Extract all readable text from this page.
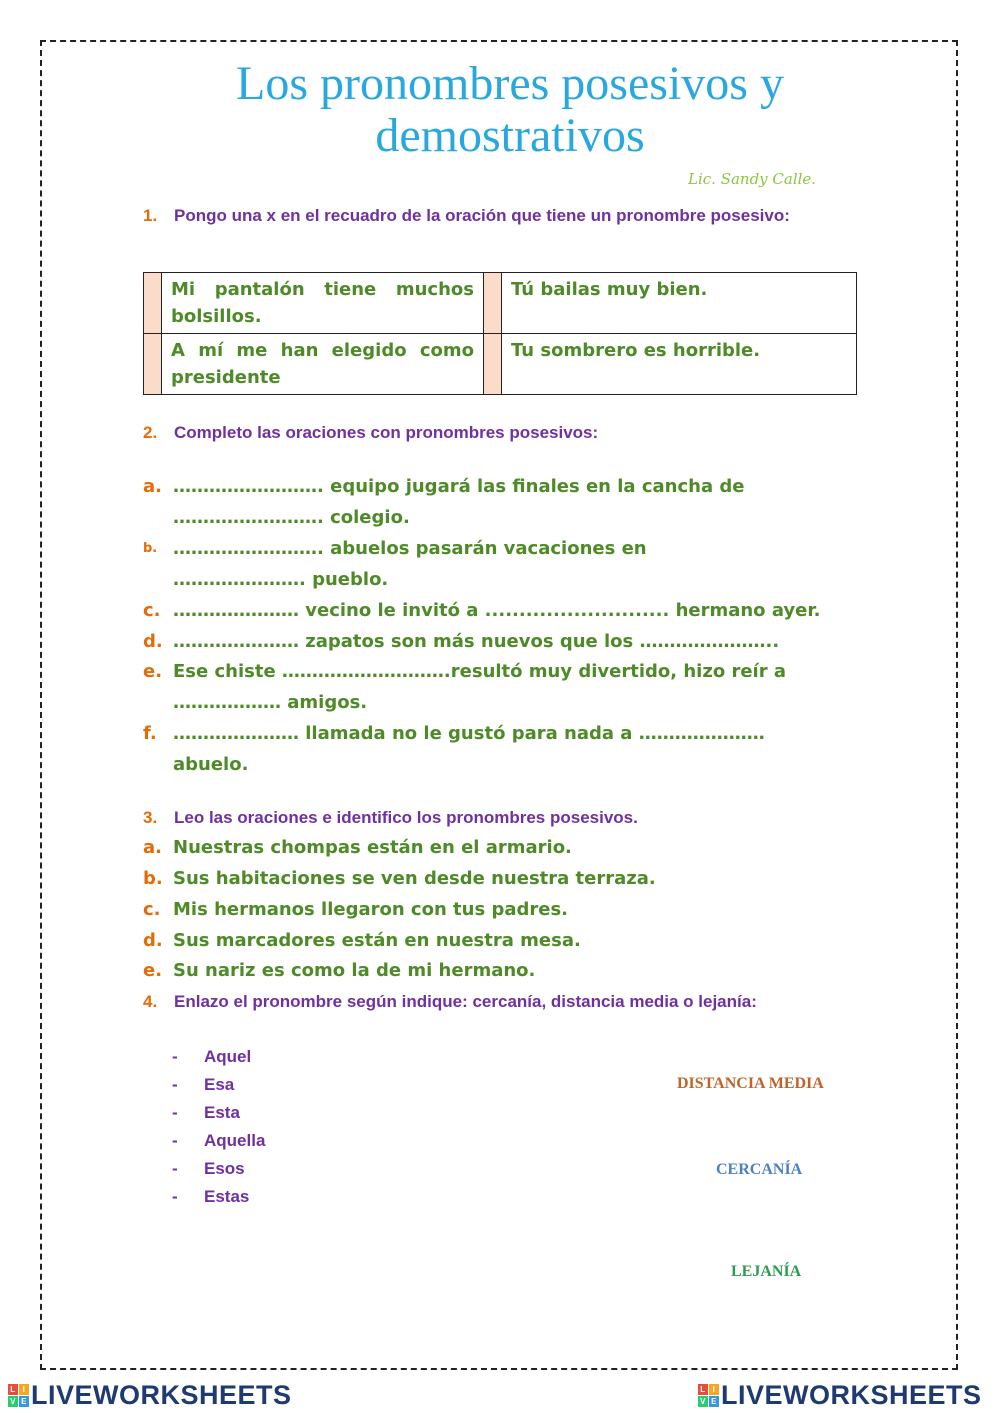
Los pronombres posesivos y demostrativos
Lic. Sandy Calle.
1. Pongo una x en el recuadro de la oración que tiene un pronombre posesivo:
	Mi pantalón tiene muchos bolsillos.		Tú bailas muy bien.
	A mí me han elegido como presidente		Tu sombrero es horrible.
2. Completo las oraciones con pronombres posesivos:
a. ……………………. equipo jugará las finales en la cancha de
……………………. colegio.
b. ……………………. abuelos pasarán vacaciones en
…………………. pueblo.
c. ………………… vecino le invitó a ........................... hermano ayer.
d. ………………… zapatos son más nuevos que los …………………..
e. Ese chiste ……………………….resultó muy divertido, hizo reír a
……………… amigos.
f. ………………… llamada no le gustó para nada a …………………
abuelo.
3. Leo las oraciones e identifico los pronombres posesivos.
a. Nuestras chompas están en el armario.
b. Sus habitaciones se ven desde nuestra terraza.
c. Mis hermanos llegaron con tus padres.
d. Sus marcadores están en nuestra mesa.
e. Su nariz es como la de mi hermano.
4. Enlazo el pronombre según indique: cercanía, distancia media o lejanía:
- Aquel
- Esa
- Esta
- Aquella
- Esos
- Estas
DISTANCIA MEDIA
CERCANÍA
LEJANÍA
L I
V E LIVEWORKSHEETS	L I
V E LIVEWORKSHEETS
